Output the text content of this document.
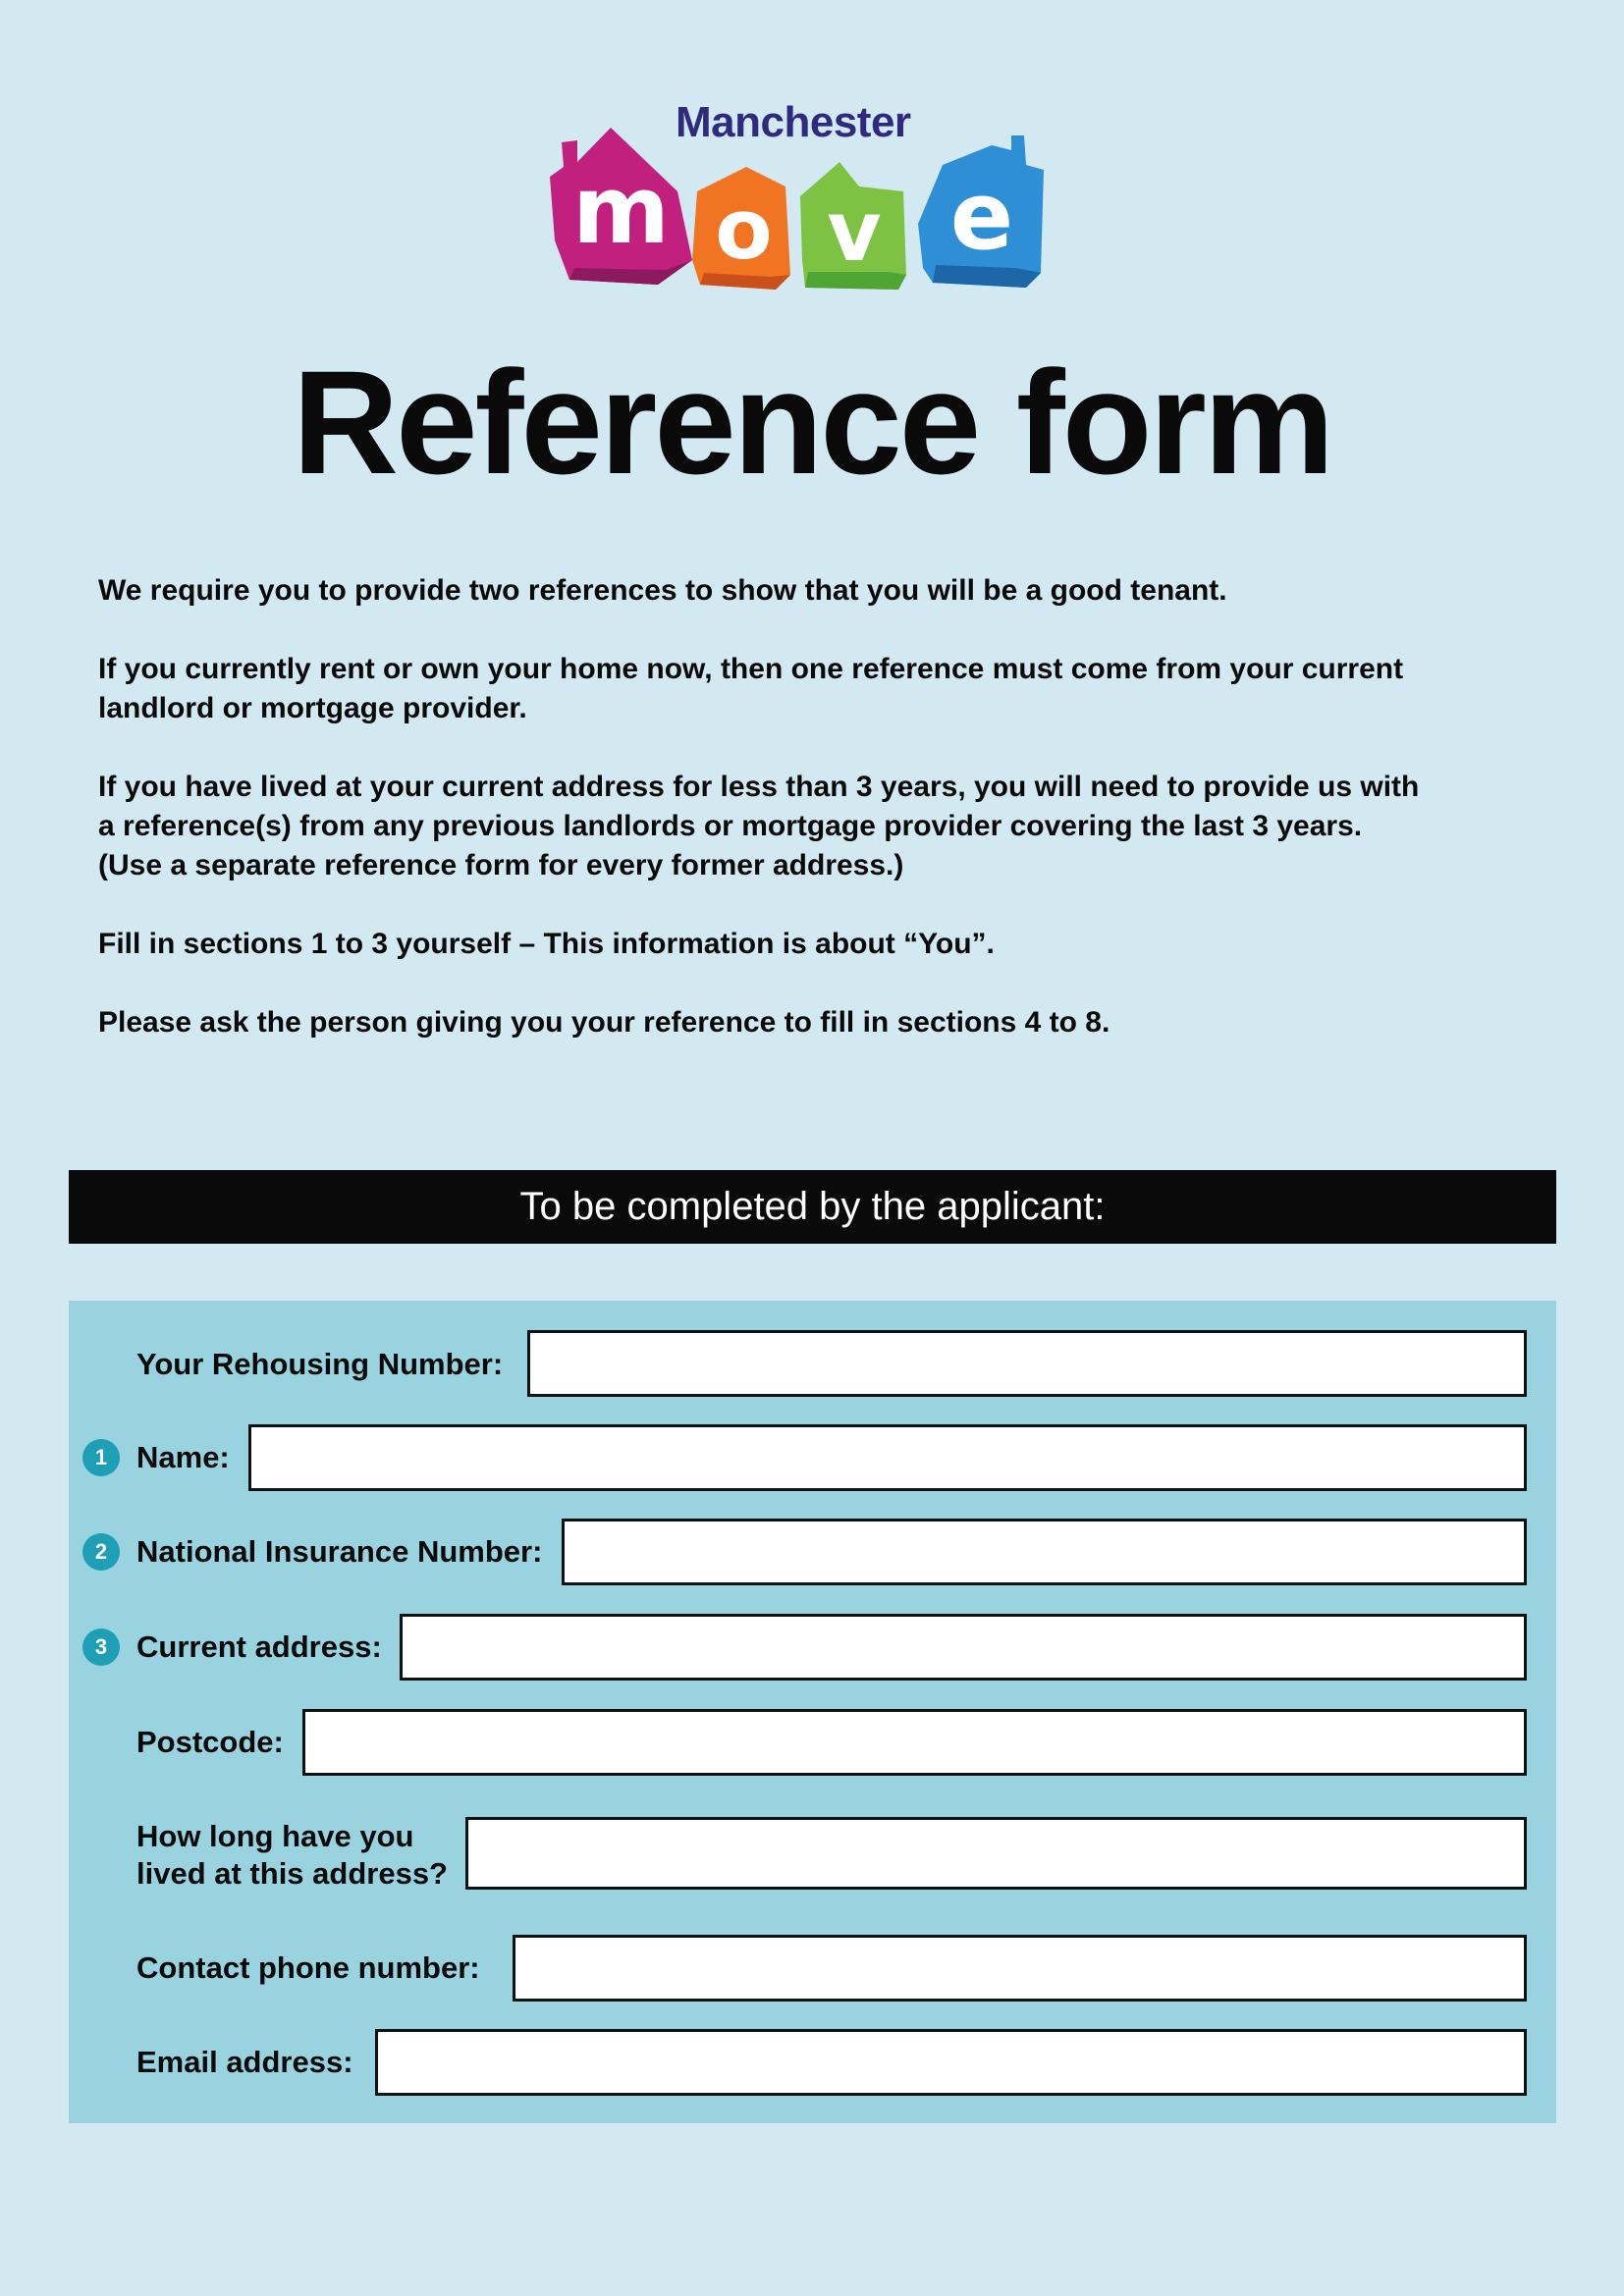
Manchester
m o v e
Reference form

We require you to provide two references to show that you will be a good tenant.

If you currently rent or own your home now, then one reference must come from your current landlord or mortgage provider.

If you have lived at your current address for less than 3 years, you will need to provide us with
a reference(s) from any previous landlords or mortgage provider covering the last 3 years.
(Use a separate reference form for every former address.)

Fill in sections 1 to 3 yourself – This information is about “You”.

Please ask the person giving you your reference to fill in sections 4 to 8.

To be completed by the applicant:
Your Rehousing Number:
1 Name:
2 National Insurance Number:
3 Current address:
Postcode:
How long have you
lived at this address?
Contact phone number:
Email address:
